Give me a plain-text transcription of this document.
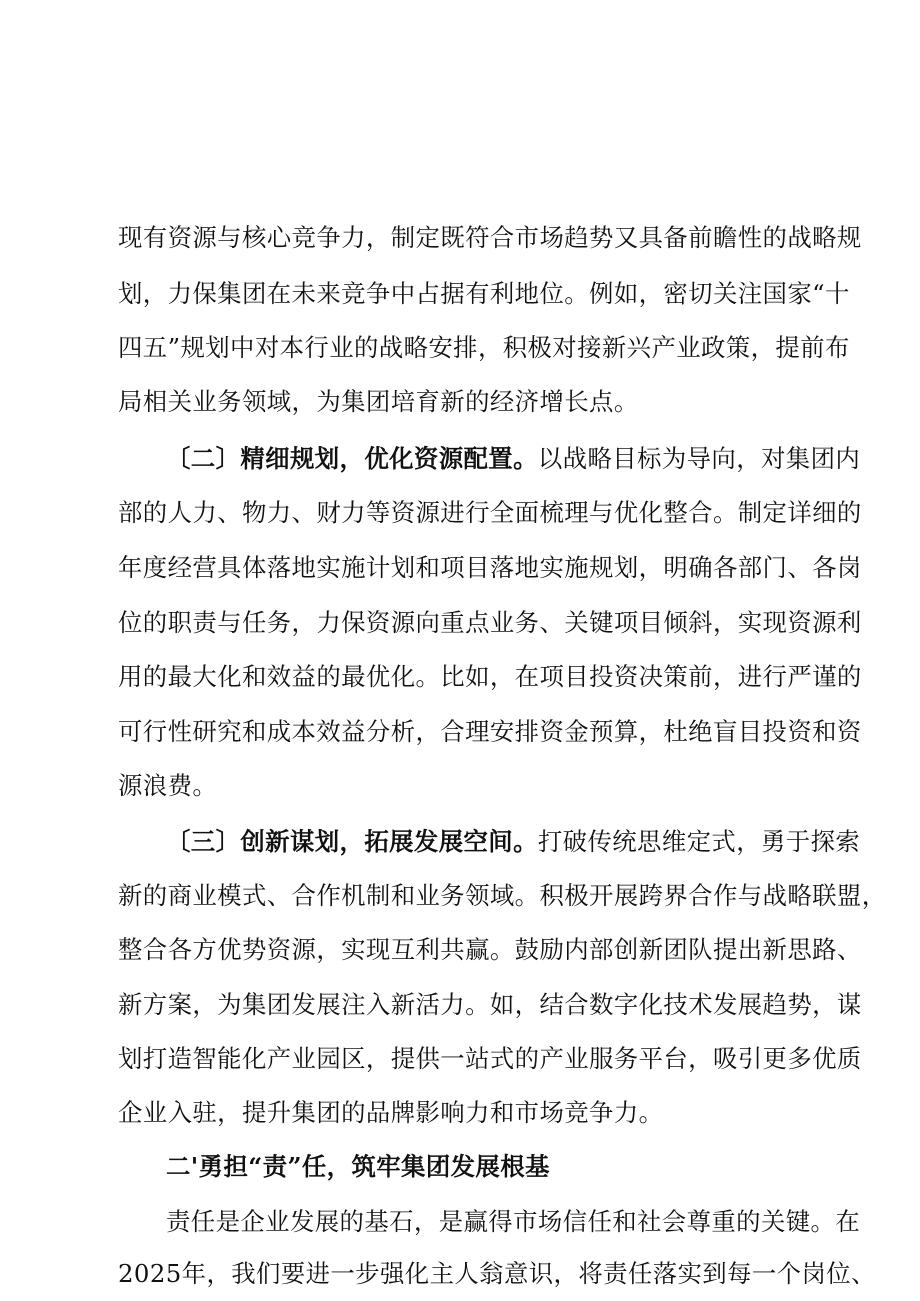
现有资源与核心竞争力，制定既符合市场趋势又具备前瞻性的战略规
划，力保集团在未来竞争中占据有利地位。例如，密切关注国家“十
四五”规划中对本行业的战略安排，积极对接新兴产业政策，提前布
局相关业务领域，为集团培育新的经济增长点。
〔二〕精细规划，优化资源配置。以战略目标为导向，对集团内
部的人力、物力、财力等资源进行全面梳理与优化整合。制定详细的
年度经营具体落地实施计划和项目落地实施规划，明确各部门、各岗
位的职责与任务，力保资源向重点业务、关键项目倾斜，实现资源利
用的最大化和效益的最优化。比如，在项目投资决策前，进行严谨的
可行性研究和成本效益分析，合理安排资金预算，杜绝盲目投资和资
源浪费。
〔三〕创新谋划，拓展发展空间。打破传统思维定式，勇于探索
新的商业模式、合作机制和业务领域。积极开展跨界合作与战略联盟，
整合各方优势资源，实现互利共赢。鼓励内部创新团队提出新思路、
新方案，为集团发展注入新活力。如，结合数字化技术发展趋势，谋
划打造智能化产业园区，提供一站式的产业服务平台，吸引更多优质
企业入驻，提升集团的品牌影响力和市场竞争力。
二'勇担“责”任，筑牢集团发展根基
责任是企业发展的基石，是赢得市场信任和社会尊重的关键。在
2025年，我们要进一步强化主人翁意识，将责任落实到每一个岗位、
